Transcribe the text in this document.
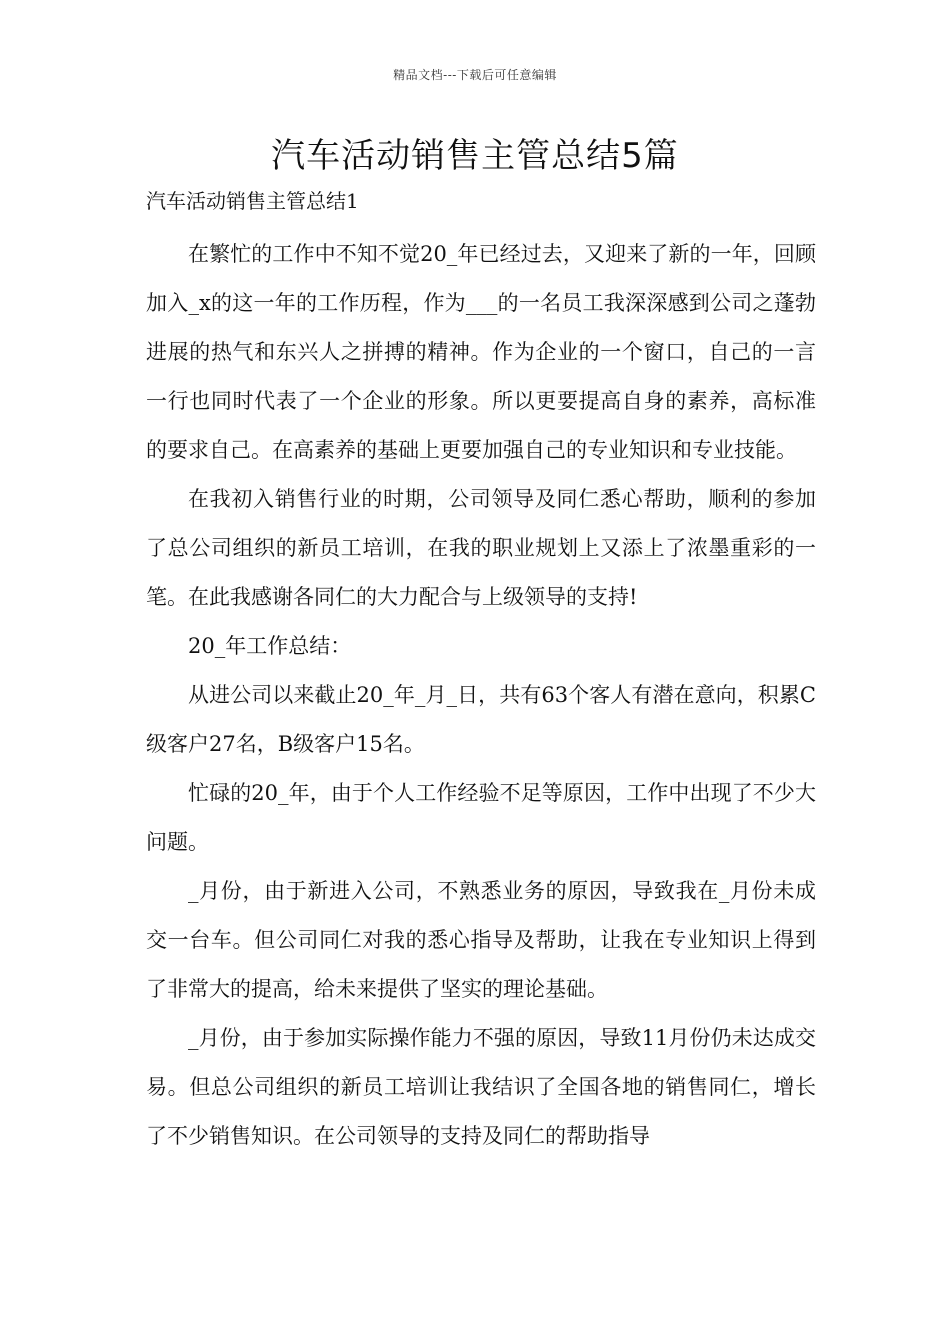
精品文档---下载后可任意编辑
汽车活动销售主管总结5篇
汽车活动销售主管总结1

在繁忙的工作中不知不觉20_年已经过去，又迎来了新的一年，回顾加入_x的这一年的工作历程，作为___的一名员工我深深感到公司之蓬勃进展的热气和东兴人之拼搏的精神。作为企业的一个窗口，自己的一言一行也同时代表了一个企业的形象。所以更要提高自身的素养，高标准的要求自己。在高素养的基础上更要加强自己的专业知识和专业技能。

在我初入销售行业的时期，公司领导及同仁悉心帮助，顺利的参加了总公司组织的新员工培训，在我的职业规划上又添上了浓墨重彩的一笔。在此我感谢各同仁的大力配合与上级领导的支持!

20_年工作总结：

从进公司以来截止20_年_月_日，共有63个客人有潜在意向，积累C级客户27名，B级客户15名。

忙碌的20_年，由于个人工作经验不足等原因，工作中出现了不少大问题。

_月份，由于新进入公司，不熟悉业务的原因，导致我在_月份未成交一台车。但公司同仁对我的悉心指导及帮助，让我在专业知识上得到了非常大的提高，给未来提供了坚实的理论基础。

_月份，由于参加实际操作能力不强的原因，导致11月份仍未达成交易。但总公司组织的新员工培训让我结识了全国各地的销售同仁，增长了不少销售知识。在公司领导的支持及同仁的帮助指导
